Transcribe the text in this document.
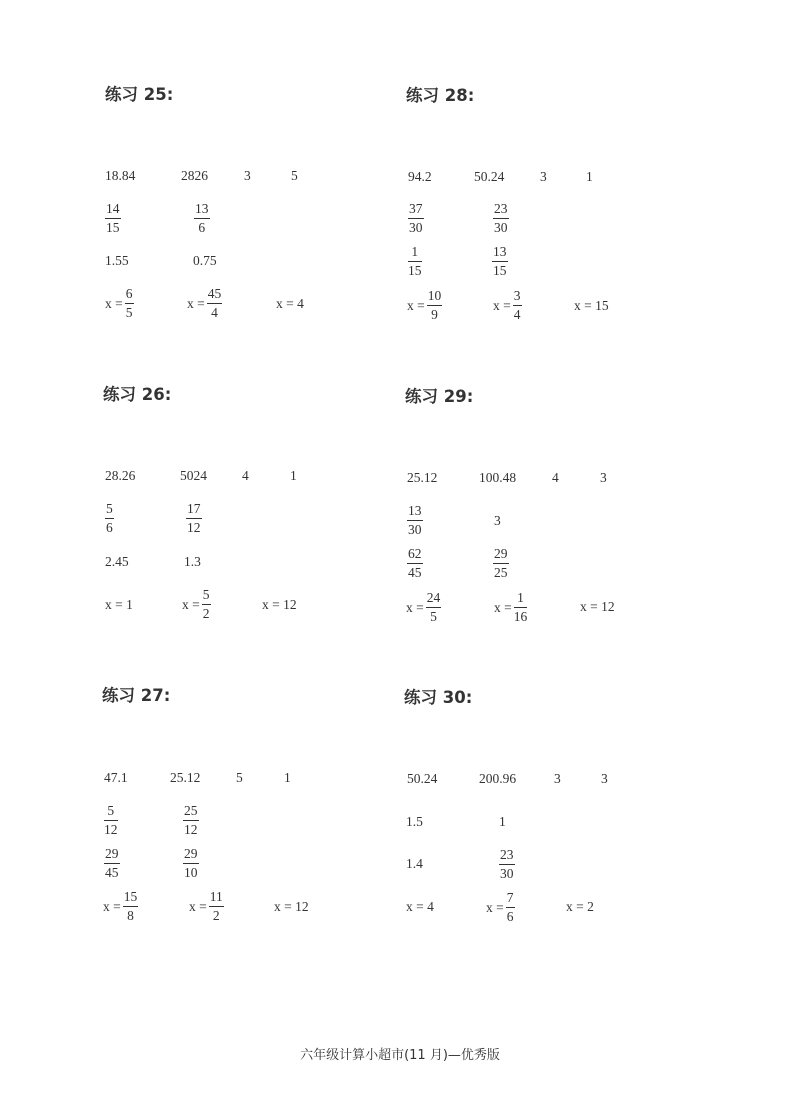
练习 25:
18.84	2826	3	5
$\frac{14}{15}$	$\frac{13}{6}$
1.55	0.75
$x = \frac{6}{5}$	$x = \frac{45}{4}$	x = 4
练习 26:
28.26	5024	4	1
$\frac{5}{6}$	$\frac{17}{12}$
2.45	1.3
x = 1	$x = \frac{5}{2}$	x = 12
练习 27:
47.1	25.12	5	1
$\frac{5}{12}$	$\frac{25}{12}$
$\frac{29}{45}$	$\frac{29}{10}$
$x = \frac{15}{8}$	$x = \frac{11}{2}$	x = 12
练习 28:
94.2	50.24	3	1
$\frac{37}{30}$	$\frac{23}{30}$
$\frac{1}{15}$	$\frac{13}{15}$
$x = \frac{10}{9}$	$x = \frac{3}{4}$	x = 15
练习 29:
25.12	100.48	4	3
$\frac{13}{30}$	3
$\frac{62}{45}$	$\frac{29}{25}$
$x = \frac{24}{5}$	$x = \frac{1}{16}$	x = 12
练习 30:
50.24	200.96	3	3
1.5	1
1.4	$\frac{23}{30}$
x = 4	$x = \frac{7}{6}$	x = 2
六年级计算小超市(11 月)—优秀版
